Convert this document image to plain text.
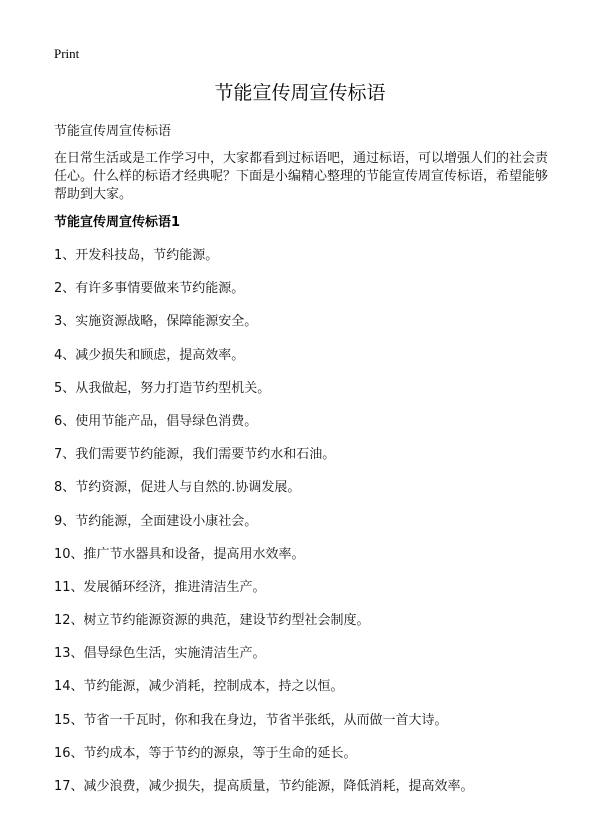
Print
节能宣传周宣传标语
节能宣传周宣传标语
在日常生活或是工作学习中，大家都看到过标语吧，通过标语，可以增强人们的社会责任心。什么样的标语才经典呢？下面是小编精心整理的节能宣传周宣传标语，希望能够帮助到大家。
节能宣传周宣传标语1
1、开发科技岛，节约能源。
2、有许多事情要做来节约能源。
3、实施资源战略，保障能源安全。
4、减少损失和顾虑，提高效率。
5、从我做起，努力打造节约型机关。
6、使用节能产品，倡导绿色消费。
7、我们需要节约能源，我们需要节约水和石油。
8、节约资源，促进人与自然的.协调发展。
9、节约能源，全面建设小康社会。
10、推广节水器具和设备，提高用水效率。
11、发展循环经济，推进清洁生产。
12、树立节约能源资源的典范，建设节约型社会制度。
13、倡导绿色生活，实施清洁生产。
14、节约能源，减少消耗，控制成本，持之以恒。
15、节省一千瓦时，你和我在身边，节省半张纸，从而做一首大诗。
16、节约成本，等于节约的源泉，等于生命的延长。
17、减少浪费，减少损失，提高质量，节约能源，降低消耗，提高效率。
